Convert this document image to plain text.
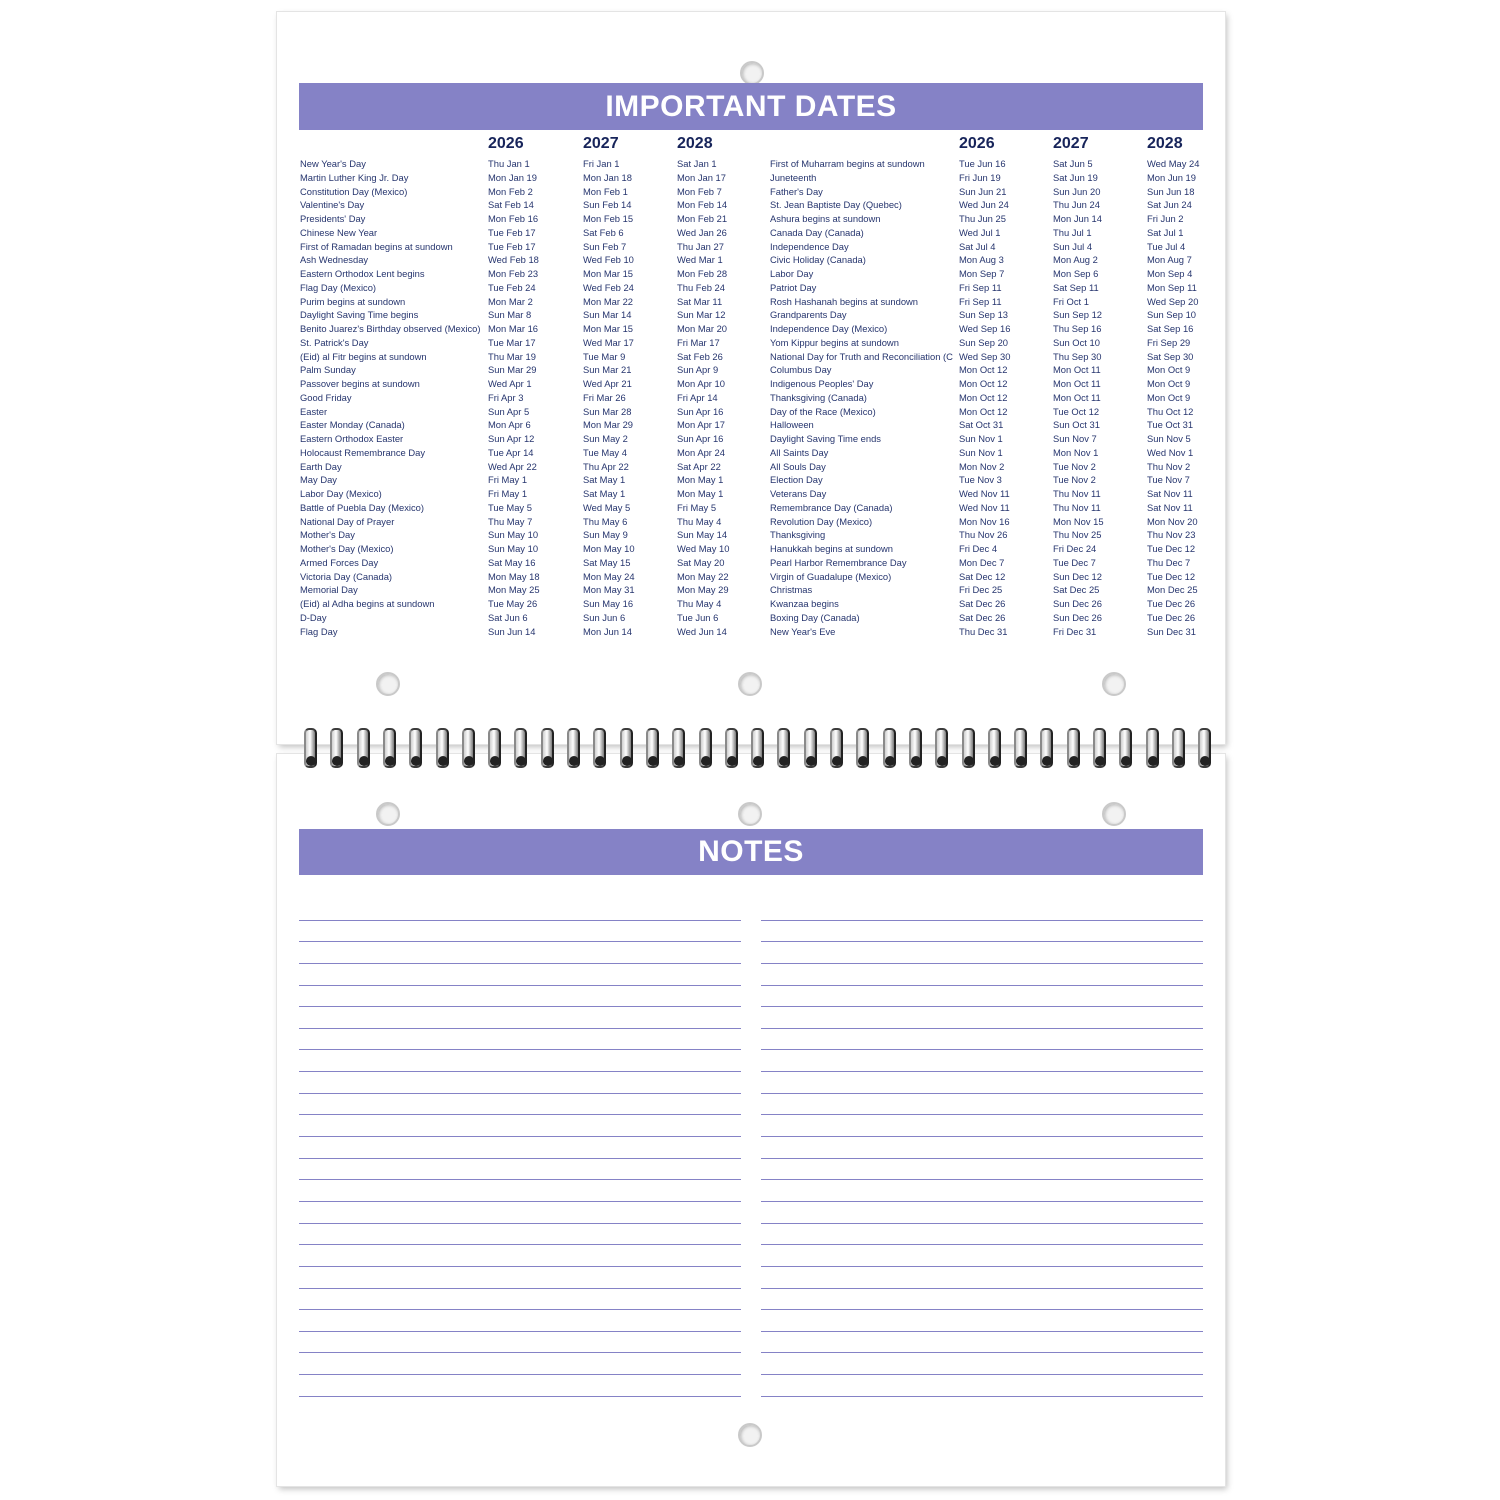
IMPORTANT DATES
2026	2027	2028	2026	2027	2028
New Year's Day	Thu Jan 1	Fri Jan 1	Sat Jan 1
Martin Luther King Jr. Day	Mon Jan 19	Mon Jan 18	Mon Jan 17
Constitution Day (Mexico)	Mon Feb 2	Mon Feb 1	Mon Feb 7
Valentine's Day	Sat Feb 14	Sun Feb 14	Mon Feb 14
Presidents' Day	Mon Feb 16	Mon Feb 15	Mon Feb 21
Chinese New Year	Tue Feb 17	Sat Feb 6	Wed Jan 26
First of Ramadan begins at sundown	Tue Feb 17	Sun Feb 7	Thu Jan 27
Ash Wednesday	Wed Feb 18	Wed Feb 10	Wed Mar 1
Eastern Orthodox Lent begins	Mon Feb 23	Mon Mar 15	Mon Feb 28
Flag Day (Mexico)	Tue Feb 24	Wed Feb 24	Thu Feb 24
Purim begins at sundown	Mon Mar 2	Mon Mar 22	Sat Mar 11
Daylight Saving Time begins	Sun Mar 8	Sun Mar 14	Sun Mar 12
Benito Juarez's Birthday observed (Mexico) Mon Mar 16	Mon Mar 15	Mon Mar 20
St. Patrick's Day	Tue Mar 17	Wed Mar 17	Fri Mar 17
(Eid) al Fitr begins at sundown	Thu Mar 19	Tue Mar 9	Sat Feb 26
Palm Sunday	Sun Mar 29	Sun Mar 21	Sun Apr 9
Passover begins at sundown	Wed Apr 1	Wed Apr 21	Mon Apr 10
Good Friday	Fri Apr 3	Fri Mar 26	Fri Apr 14
Easter	Sun Apr 5	Sun Mar 28	Sun Apr 16
Easter Monday (Canada)	Mon Apr 6	Mon Mar 29	Mon Apr 17
Eastern Orthodox Easter	Sun Apr 12	Sun May 2	Sun Apr 16
Holocaust Remembrance Day	Tue Apr 14	Tue May 4	Mon Apr 24
Earth Day	Wed Apr 22	Thu Apr 22	Sat Apr 22
May Day	Fri May 1	Sat May 1	Mon May 1
Labor Day (Mexico)	Fri May 1	Sat May 1	Mon May 1
Battle of Puebla Day (Mexico)	Tue May 5	Wed May 5	Fri May 5
National Day of Prayer	Thu May 7	Thu May 6	Thu May 4
Mother's Day	Sun May 10	Sun May 9	Sun May 14
Mother's Day (Mexico)	Sun May 10	Mon May 10	Wed May 10
Armed Forces Day	Sat May 16	Sat May 15	Sat May 20
Victoria Day (Canada)	Mon May 18	Mon May 24	Mon May 22
Memorial Day	Mon May 25	Mon May 31	Mon May 29
(Eid) al Adha begins at sundown	Tue May 26	Sun May 16	Thu May 4
D-Day	Sat Jun 6	Sun Jun 6	Tue Jun 6
Flag Day	Sun Jun 14	Mon Jun 14	Wed Jun 14
First of Muharram begins at sundown	Tue Jun 16	Sat Jun 5	Wed May 24
Juneteenth	Fri Jun 19	Sat Jun 19	Mon Jun 19
Father's Day	Sun Jun 21	Sun Jun 20	Sun Jun 18
St. Jean Baptiste Day (Quebec)	Wed Jun 24	Thu Jun 24	Sat Jun 24
Ashura begins at sundown	Thu Jun 25	Mon Jun 14	Fri Jun 2
Canada Day (Canada)	Wed Jul 1	Thu Jul 1	Sat Jul 1
Independence Day	Sat Jul 4	Sun Jul 4	Tue Jul 4
Civic Holiday (Canada)	Mon Aug 3	Mon Aug 2	Mon Aug 7
Labor Day	Mon Sep 7	Mon Sep 6	Mon Sep 4
Patriot Day	Fri Sep 11	Sat Sep 11	Mon Sep 11
Rosh Hashanah begins at sundown	Fri Sep 11	Fri Oct 1	Wed Sep 20
Grandparents Day	Sun Sep 13	Sun Sep 12	Sun Sep 10
Independence Day (Mexico)	Wed Sep 16	Thu Sep 16	Sat Sep 16
Yom Kippur begins at sundown	Sun Sep 20	Sun Oct 10	Fri Sep 29
National Day for Truth and Reconciliation (C Wed Sep 30	Thu Sep 30	Sat Sep 30
Columbus Day	Mon Oct 12	Mon Oct 11	Mon Oct 9
Indigenous Peoples' Day	Mon Oct 12	Mon Oct 11	Mon Oct 9
Thanksgiving (Canada)	Mon Oct 12	Mon Oct 11	Mon Oct 9
Day of the Race (Mexico)	Mon Oct 12	Tue Oct 12	Thu Oct 12
Halloween	Sat Oct 31	Sun Oct 31	Tue Oct 31
Daylight Saving Time ends	Sun Nov 1	Sun Nov 7	Sun Nov 5
All Saints Day	Sun Nov 1	Mon Nov 1	Wed Nov 1
All Souls Day	Mon Nov 2	Tue Nov 2	Thu Nov 2
Election Day	Tue Nov 3	Tue Nov 2	Tue Nov 7
Veterans Day	Wed Nov 11	Thu Nov 11	Sat Nov 11
Remembrance Day (Canada)	Wed Nov 11	Thu Nov 11	Sat Nov 11
Revolution Day (Mexico)	Mon Nov 16	Mon Nov 15	Mon Nov 20
Thanksgiving	Thu Nov 26	Thu Nov 25	Thu Nov 23
Hanukkah begins at sundown	Fri Dec 4	Fri Dec 24	Tue Dec 12
Pearl Harbor Remembrance Day	Mon Dec 7	Tue Dec 7	Thu Dec 7
Virgin of Guadalupe (Mexico)	Sat Dec 12	Sun Dec 12	Tue Dec 12
Christmas	Fri Dec 25	Sat Dec 25	Mon Dec 25
Kwanzaa begins	Sat Dec 26	Sun Dec 26	Tue Dec 26
Boxing Day (Canada)	Sat Dec 26	Sun Dec 26	Tue Dec 26
New Year's Eve	Thu Dec 31	Fri Dec 31	Sun Dec 31
NOTES
